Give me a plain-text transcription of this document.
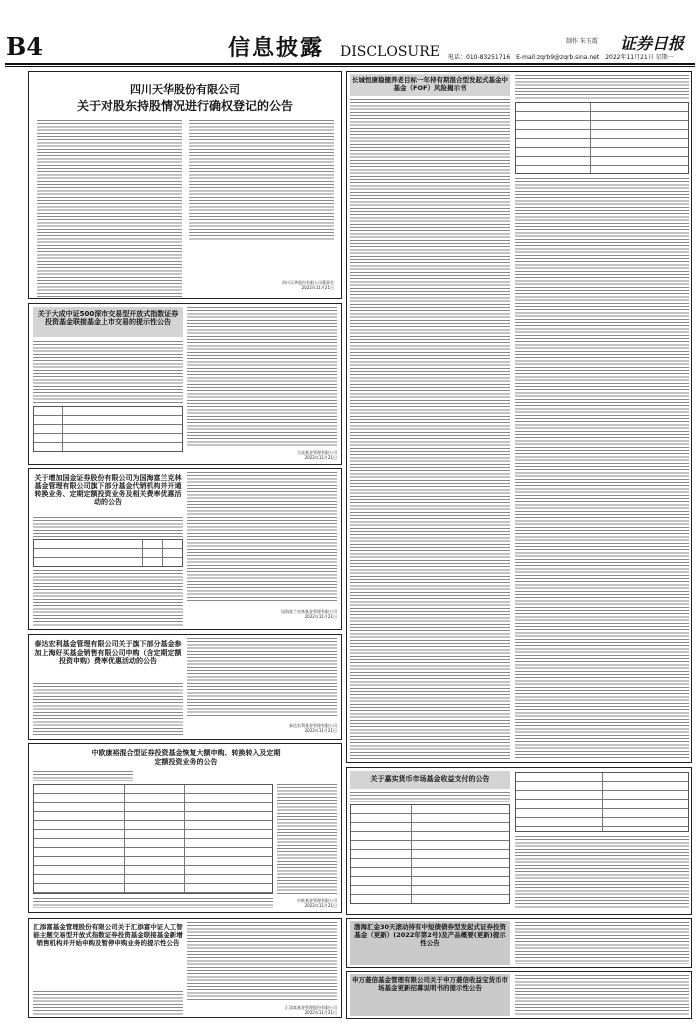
B4	信息披露 DISCLOSURE
制作 朱玉霞 证券日报
电话：010-83251716　E-mail:zqrb9@zqrb.sina.net　2022年11月21日 星期一
四川天华股份有限公司
关于对股东持股情况进行确权登记的公告
四川天华股份有限公司董事会
2022年11月21日
关于大成中证500深市交易型开放式指数证券投资基金联接基金上市交易的提示性公告
大成基金管理有限公司
2022年11月21日
关于增加国金证券股份有限公司为国海富兰克林基金管理有限公司旗下部分基金代销机构并开通转换业务、定期定额投资业务及相关费率优惠活动的公告
国海富兰克林基金管理有限公司
2022年11月21日
泰达宏利基金管理有限公司关于旗下部分基金参加上海好买基金销售有限公司申购（含定期定额投资申购）费率优惠活动的公告
泰达宏利基金管理有限公司
2022年11月21日
中欧康裕混合型证券投资基金恢复大额申购、转换转入及定期定额投资业务的公告
中欧基金管理有限公司
2022年11月21日
汇添富基金管理股份有限公司关于汇添富中证人工智能主题交易型开放式指数证券投资基金联接基金新增销售机构并开始申购及暂停申购业务的提示性公告
汇添富基金管理股份有限公司
2022年11月21日
长城恒康稳健养老目标一年持有期混合型发起式基金中基金（FOF）风险揭示书
关于嘉实货币市场基金收益支付的公告
渤海汇金30天滚动持有中短债债券型发起式证券投资基金（更新）(2022年第2号)及产品概要(更新)提示性公告
申万菱信基金管理有限公司关于申万菱信收益宝货币市场基金更新招募说明书的提示性公告
